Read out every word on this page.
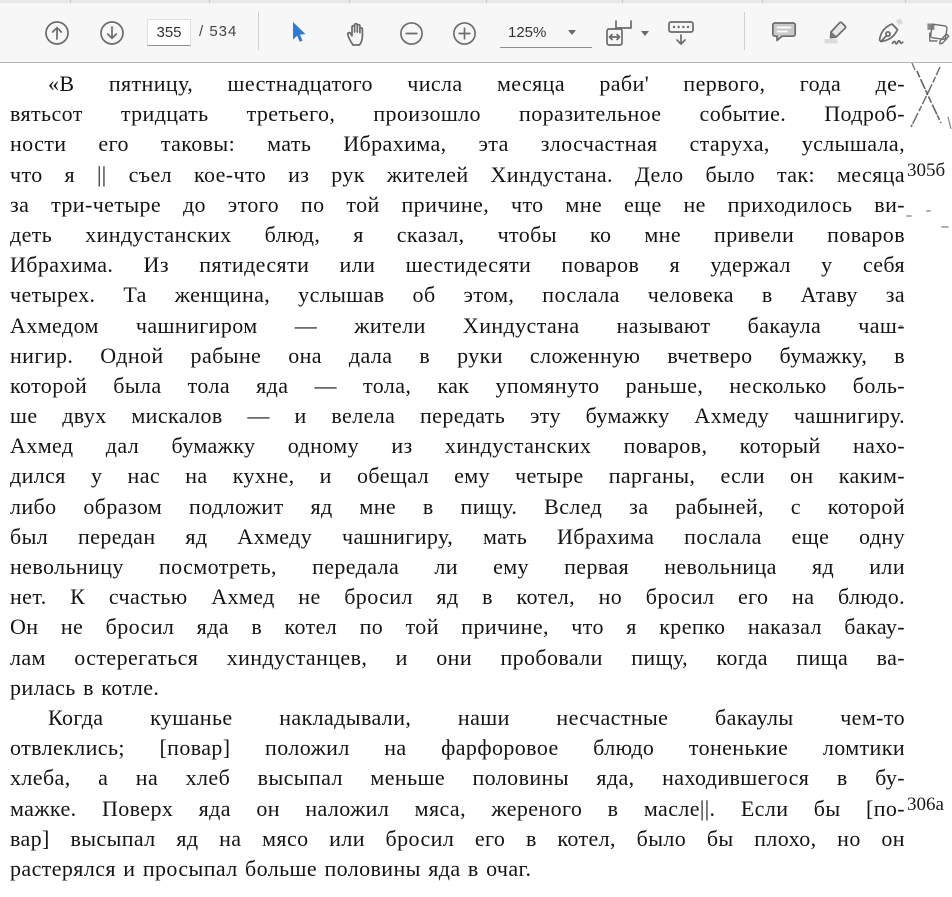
355
/ 534	125%
«В пятницу, шестнадцатого числа месяца раби' первого, года де-
вятьсот тридцать третьего, произошло поразительное событие. Подроб-
ности его таковы: мать Ибрахима, эта злосчастная старуха, услышала,
что я || съел кое-что из рук жителей Хиндустана. Дело было так: месяца
за три-четыре до этого по той причине, что мне еще не приходилось ви-
деть хиндустанских блюд, я сказал, чтобы ко мне привели поваров
Ибрахима. Из пятидесяти или шестидесяти поваров я удержал у себя
четырех. Та женщина, услышав об этом, послала человека в Атаву за
Ахмедом чашнигиром — жители Хиндустана называют бакаула чаш-
нигир. Одной рабыне она дала в руки сложенную вчетверо бумажку, в
которой была тола яда — тола, как упомянуто раньше, несколько боль-
ше двух мискалов — и велела передать эту бумажку Ахмеду чашнигиру.
Ахмед дал бумажку одному из хиндустанских поваров, который нахо-
дился у нас на кухне, и обещал ему четыре парганы, если он каким-
либо образом подложит яд мне в пищу. Вслед за рабыней, с которой
был передан яд Ахмеду чашнигиру, мать Ибрахима послала еще одну
невольницу посмотреть, передала ли ему первая невольница яд или
нет. К счастью Ахмед не бросил яд в котел, но бросил его на блюдо.
Он не бросил яда в котел по той причине, что я крепко наказал бакау-
лам остерегаться хиндустанцев, и они пробовали пищу, когда пища ва-
рилась в котле.
Когда кушанье накладывали, наши несчастные бакаулы чем-то
отвлеклись; [повар] положил на фарфоровое блюдо тоненькие ломтики
хлеба, а на хлеб высыпал меньше половины яда, находившегося в бу-
мажке. Поверх яда он наложил мяса, жереного в масле||. Если бы [по-
вар] высыпал яд на мясо или бросил его в котел, было бы плохо, но он
растерялся и просыпал больше половины яда в очаг.
305б
306а
